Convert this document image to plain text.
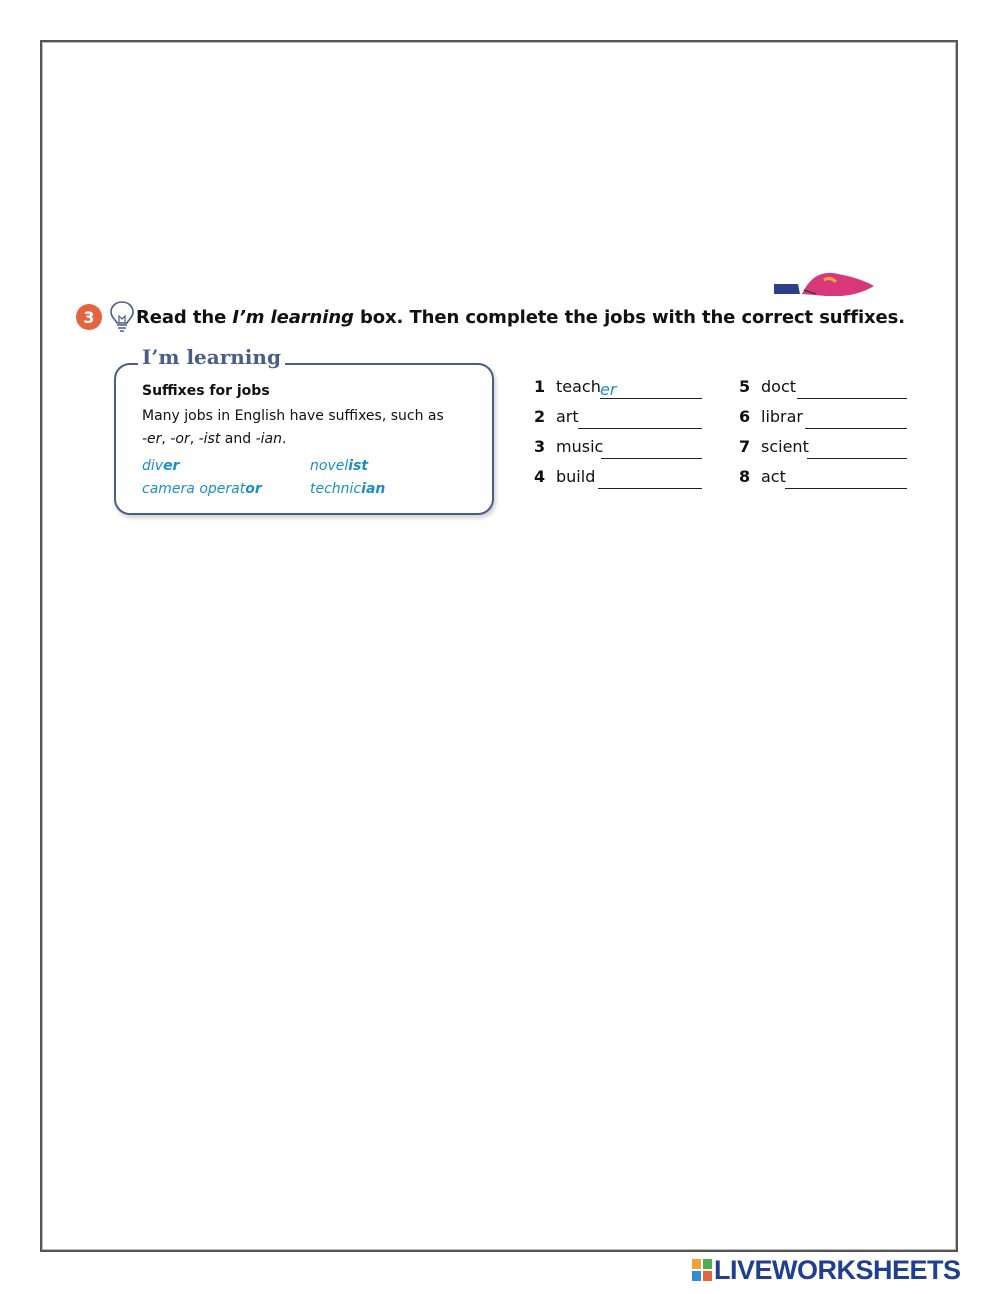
3 Read the I’m learning box. Then complete the jobs with the correct suffixes.
I’m learning
Suffixes for jobs
Many jobs in English have suffixes, such as
-er, -or, -ist and -ian.
diver	novelist
camera operator	technician
1 teach er
2 art
3 music
4 build
5 doct
6 librar
7 scient
8 act
LIVEWORKSHEETS
